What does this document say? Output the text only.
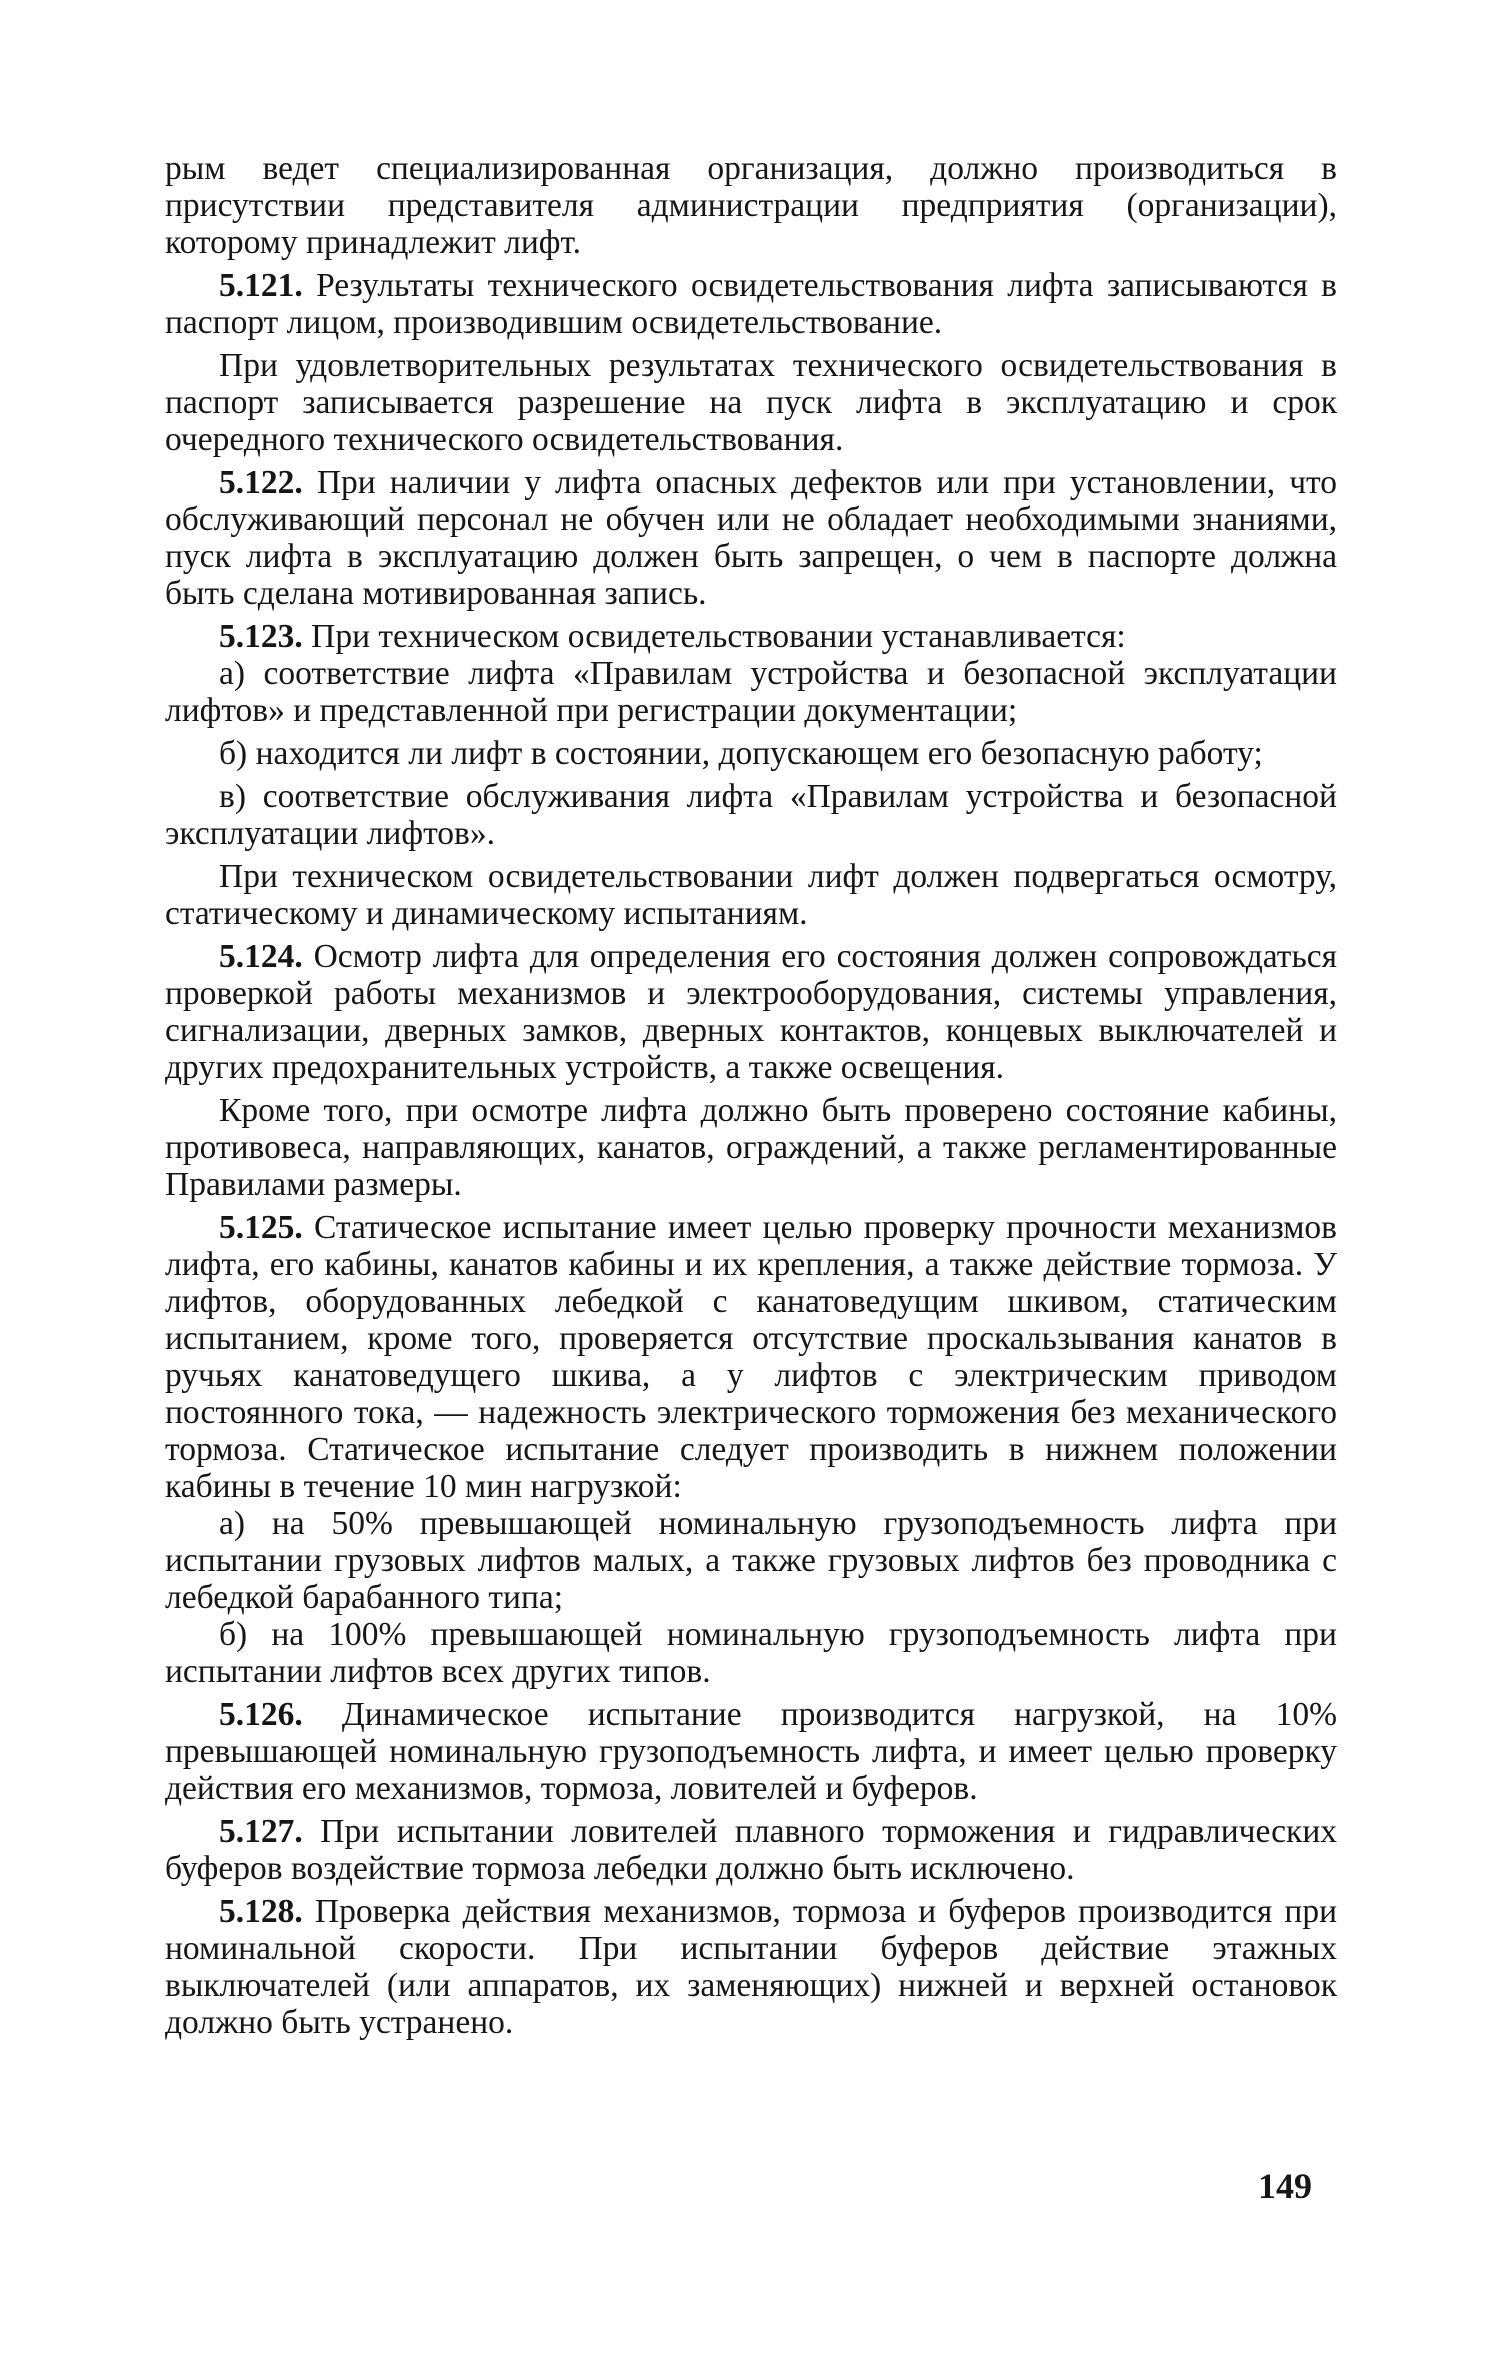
рым ведет специализированная организация, должно производиться в присутствии представителя администрации предприятия (организации), которому принадлежит лифт.

5.121. Результаты технического освидетельствования лифта записываются в паспорт лицом, производившим освидетельствование.

При удовлетворительных результатах технического освидетельствования в паспорт записывается разрешение на пуск лифта в эксплуатацию и срок очередного технического освидетельствования.

5.122. При наличии у лифта опасных дефектов или при установлении, что обслуживающий персонал не обучен или не обладает необходимыми знаниями, пуск лифта в эксплуатацию должен быть запрещен, о чем в паспорте должна быть сделана мотивированная запись.

5.123. При техническом освидетельствовании устанавливается:

а) соответствие лифта «Правилам устройства и безопасной эксплуатации лифтов» и представленной при регистрации документации;

б) находится ли лифт в состоянии, допускающем его безопасную работу;

в) соответствие обслуживания лифта «Правилам устройства и безопасной эксплуатации лифтов».

При техническом освидетельствовании лифт должен подвергаться осмотру, статическому и динамическому испытаниям.

5.124. Осмотр лифта для определения его состояния должен сопровождаться проверкой работы механизмов и электрооборудования, системы управления, сигнализации, дверных замков, дверных контактов, концевых выключателей и других предохранительных устройств, а также освещения.

Кроме того, при осмотре лифта должно быть проверено состояние кабины, противовеса, направляющих, канатов, ограждений, а также регламентированные Правилами размеры.

5.125. Статическое испытание имеет целью проверку прочности механизмов лифта, его кабины, канатов кабины и их крепления, а также действие тормоза. У лифтов, оборудованных лебедкой с канатоведущим шкивом, статическим испытанием, кроме того, проверяется отсутствие проскальзывания канатов в ручьях канатоведущего шкива, а у лифтов с электрическим приводом постоянного тока, — надежность электрического торможения без механического тормоза. Статическое испытание следует производить в нижнем положении кабины в течение 10 мин нагрузкой:

а) на 50% превышающей номинальную грузоподъемность лифта при испытании грузовых лифтов малых, а также грузовых лифтов без проводника с лебедкой барабанного типа;

б) на 100% превышающей номинальную грузоподъемность лифта при испытании лифтов всех других типов.

5.126. Динамическое испытание производится нагрузкой, на 10% превышающей номинальную грузоподъемность лифта, и имеет целью проверку действия его механизмов, тормоза, ловителей и буферов.

5.127. При испытании ловителей плавного торможения и гидравлических буферов воздействие тормоза лебедки должно быть исключено.

5.128. Проверка действия механизмов, тормоза и буферов производится при номинальной скорости. При испытании буферов действие этажных выключателей (или аппаратов, их заменяющих) нижней и верхней остановок должно быть устранено.

149
